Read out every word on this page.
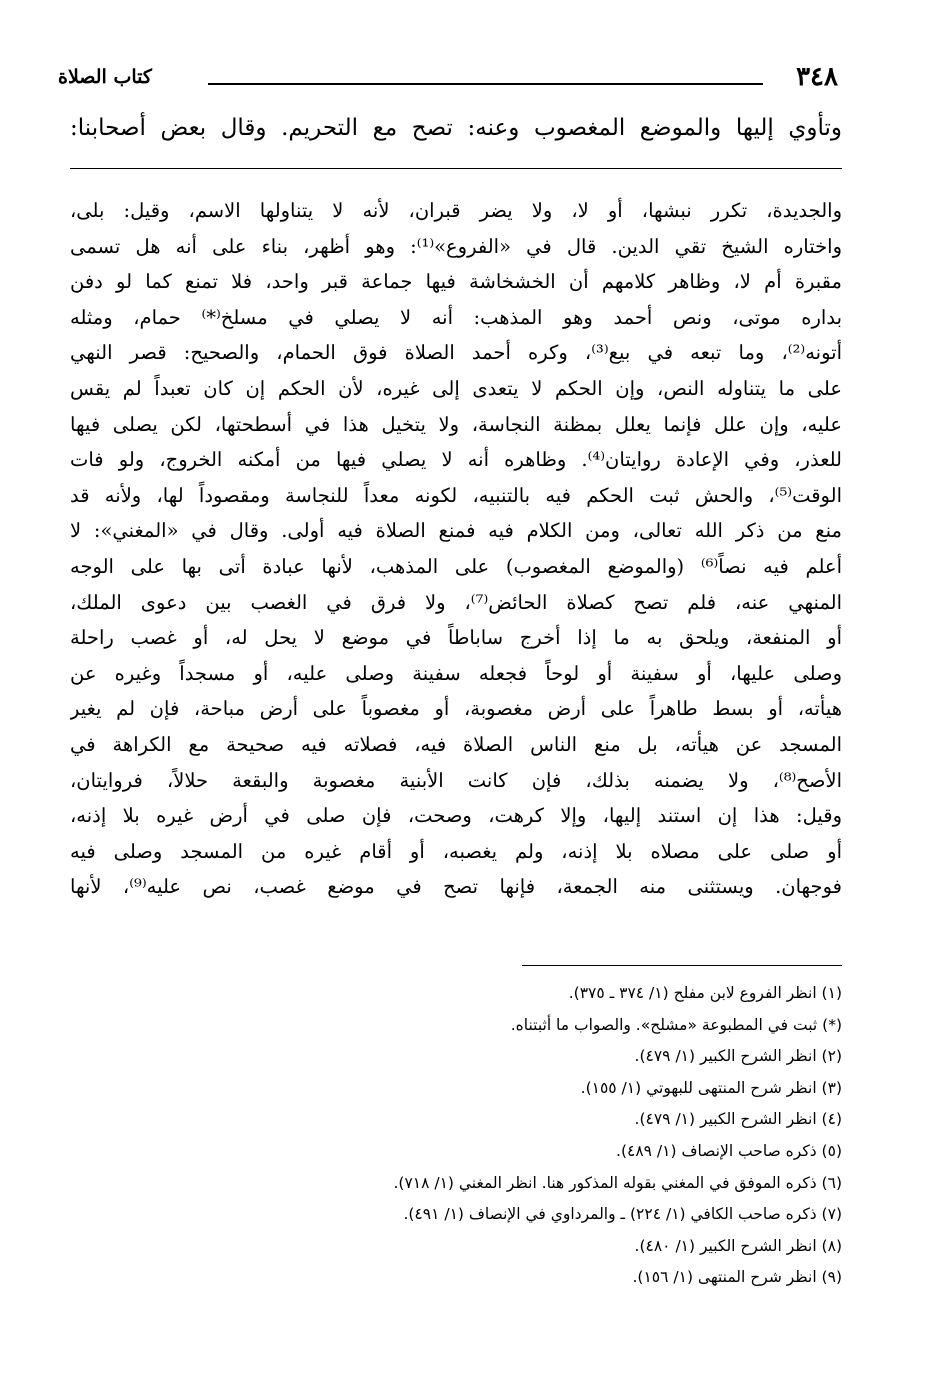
٣٤٨
كتاب الصلاة
وتأوي إليها والموضع المغصوب وعنه: تصح مع التحريم. وقال بعض أصحابنا:
والجديدة، تكرر نبشها، أو لا، ولا يضر قبران، لأنه لا يتناولها الاسم، وقيل: بلى،
واختاره الشيخ تقي الدين. قال في «الفروع»⁽¹⁾: وهو أظهر، بناء على أنه هل تسمى
مقبرة أم لا، وظاهر كلامهم أن الخشخاشة فيها جماعة قبر واحد، فلا تمنع كما لو دفن
بداره موتى، ونص أحمد وهو المذهب: أنه لا يصلي في مسلخ⁽*⁾ حمام، ومثله
أتونه⁽²⁾، وما تبعه في بيع⁽³⁾، وكره أحمد الصلاة فوق الحمام، والصحيح: قصر النهي
على ما يتناوله النص، وإن الحكم لا يتعدى إلى غيره، لأن الحكم إن كان تعبداً لم يقس
عليه، وإن علل فإنما يعلل بمظنة النجاسة، ولا يتخيل هذا في أسطحتها، لكن يصلى فيها
للعذر، وفي الإعادة روايتان⁽⁴⁾. وظاهره أنه لا يصلي فيها من أمكنه الخروج، ولو فات
الوقت⁽⁵⁾، والحش ثبت الحكم فيه بالتنبيه، لكونه معداً للنجاسة ومقصوداً لها، ولأنه قد
منع من ذكر الله تعالى، ومن الكلام فيه فمنع الصلاة فيه أولى. وقال في «المغني»: لا
أعلم فيه نصاً⁽⁶⁾ (والموضع المغصوب) على المذهب، لأنها عبادة أتى بها على الوجه
المنهي عنه، فلم تصح كصلاة الحائض⁽⁷⁾، ولا فرق في الغصب بين دعوى الملك،
أو المنفعة، ويلحق به ما إذا أخرج ساباطاً في موضع لا يحل له، أو غصب راحلة
وصلى عليها، أو سفينة أو لوحاً فجعله سفينة وصلى عليه، أو مسجداً وغيره عن
هيأته، أو بسط طاهراً على أرض مغصوبة، أو مغصوباً على أرض مباحة، فإن لم يغير
المسجد عن هيأته، بل منع الناس الصلاة فيه، فصلاته فيه صحيحة مع الكراهة في
الأصح⁽⁸⁾، ولا يضمنه بذلك، فإن كانت الأبنية مغصوبة والبقعة حلالاً، فروايتان،
وقيل: هذا إن استند إليها، وإلا كرهت، وصحت، فإن صلى في أرض غيره بلا إذنه،
أو صلى على مصلاه بلا إذنه، ولم يغصبه، أو أقام غيره من المسجد وصلى فيه
فوجهان. ويستثنى منه الجمعة، فإنها تصح في موضع غصب، نص عليه⁽⁹⁾، لأنها
(١) انظر الفروع لابن مفلح (١/ ٣٧٤ ـ ٣٧٥).
(*) ثبت في المطبوعة «مشلح». والصواب ما أثبتناه.
(٢) انظر الشرح الكبير (١/ ٤٧٩).
(٣) انظر شرح المنتهى للبهوتي (١/ ١٥٥).
(٤) انظر الشرح الكبير (١/ ٤٧٩).
(٥) ذكره صاحب الإنصاف (١/ ٤٨٩).
(٦) ذكره الموفق في المغني بقوله المذكور هنا. انظر المغني (١/ ٧١٨).
(٧) ذكره صاحب الكافي (١/ ٢٢٤) ـ والمرداوي في الإنصاف (١/ ٤٩١).
(٨) انظر الشرح الكبير (١/ ٤٨٠).
(٩) انظر شرح المنتهى (١/ ١٥٦).
